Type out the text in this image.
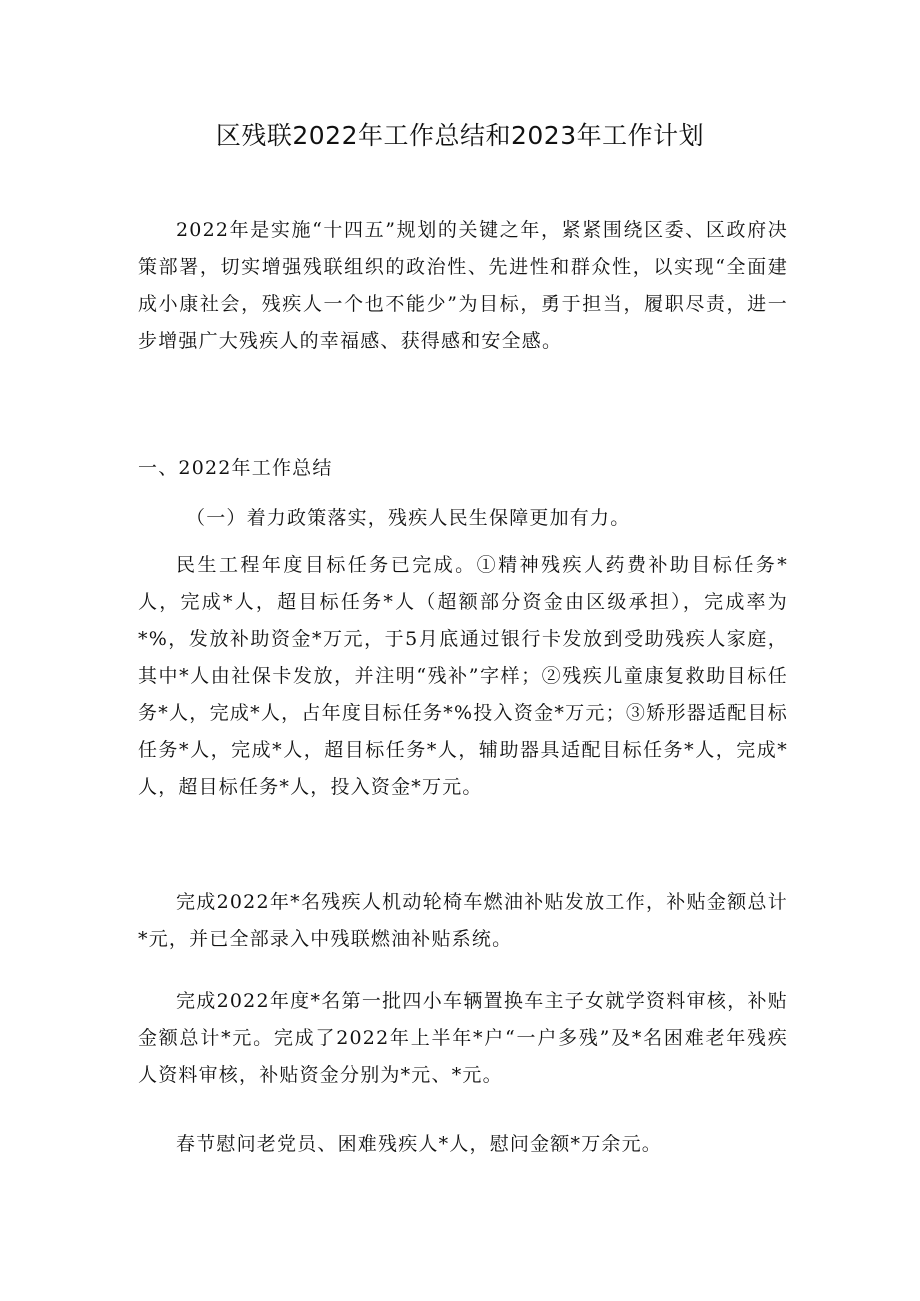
区残联2022年工作总结和2023年工作计划

2022年是实施“十四五”规划的关键之年，紧紧围绕区委、区政府决策部署，切实增强残联组织的政治性、先进性和群众性，以实现“全面建成小康社会，残疾人一个也不能少”为目标，勇于担当，履职尽责，进一步增强广大残疾人的幸福感、获得感和安全感。

一、2022年工作总结
（一）着力政策落实，残疾人民生保障更加有力。

民生工程年度目标任务已完成。①精神残疾人药费补助目标任务*人，完成*人，超目标任务*人（超额部分资金由区级承担），完成率为*%，发放补助资金*万元，于5月底通过银行卡发放到受助残疾人家庭，其中*人由社保卡发放，并注明“残补”字样；②残疾儿童康复救助目标任务*人，完成*人，占年度目标任务*%投入资金*万元；③矫形器适配目标任务*人，完成*人，超目标任务*人，辅助器具适配目标任务*人，完成*人，超目标任务*人，投入资金*万元。

完成2022年*名残疾人机动轮椅车燃油补贴发放工作，补贴金额总计*元，并已全部录入中残联燃油补贴系统。

完成2022年度*名第一批四小车辆置换车主子女就学资料审核，补贴金额总计*元。完成了2022年上半年*户“一户多残”及*名困难老年残疾人资料审核，补贴资金分别为*元、*元。

春节慰问老党员、困难残疾人*人，慰问金额*万余元。
